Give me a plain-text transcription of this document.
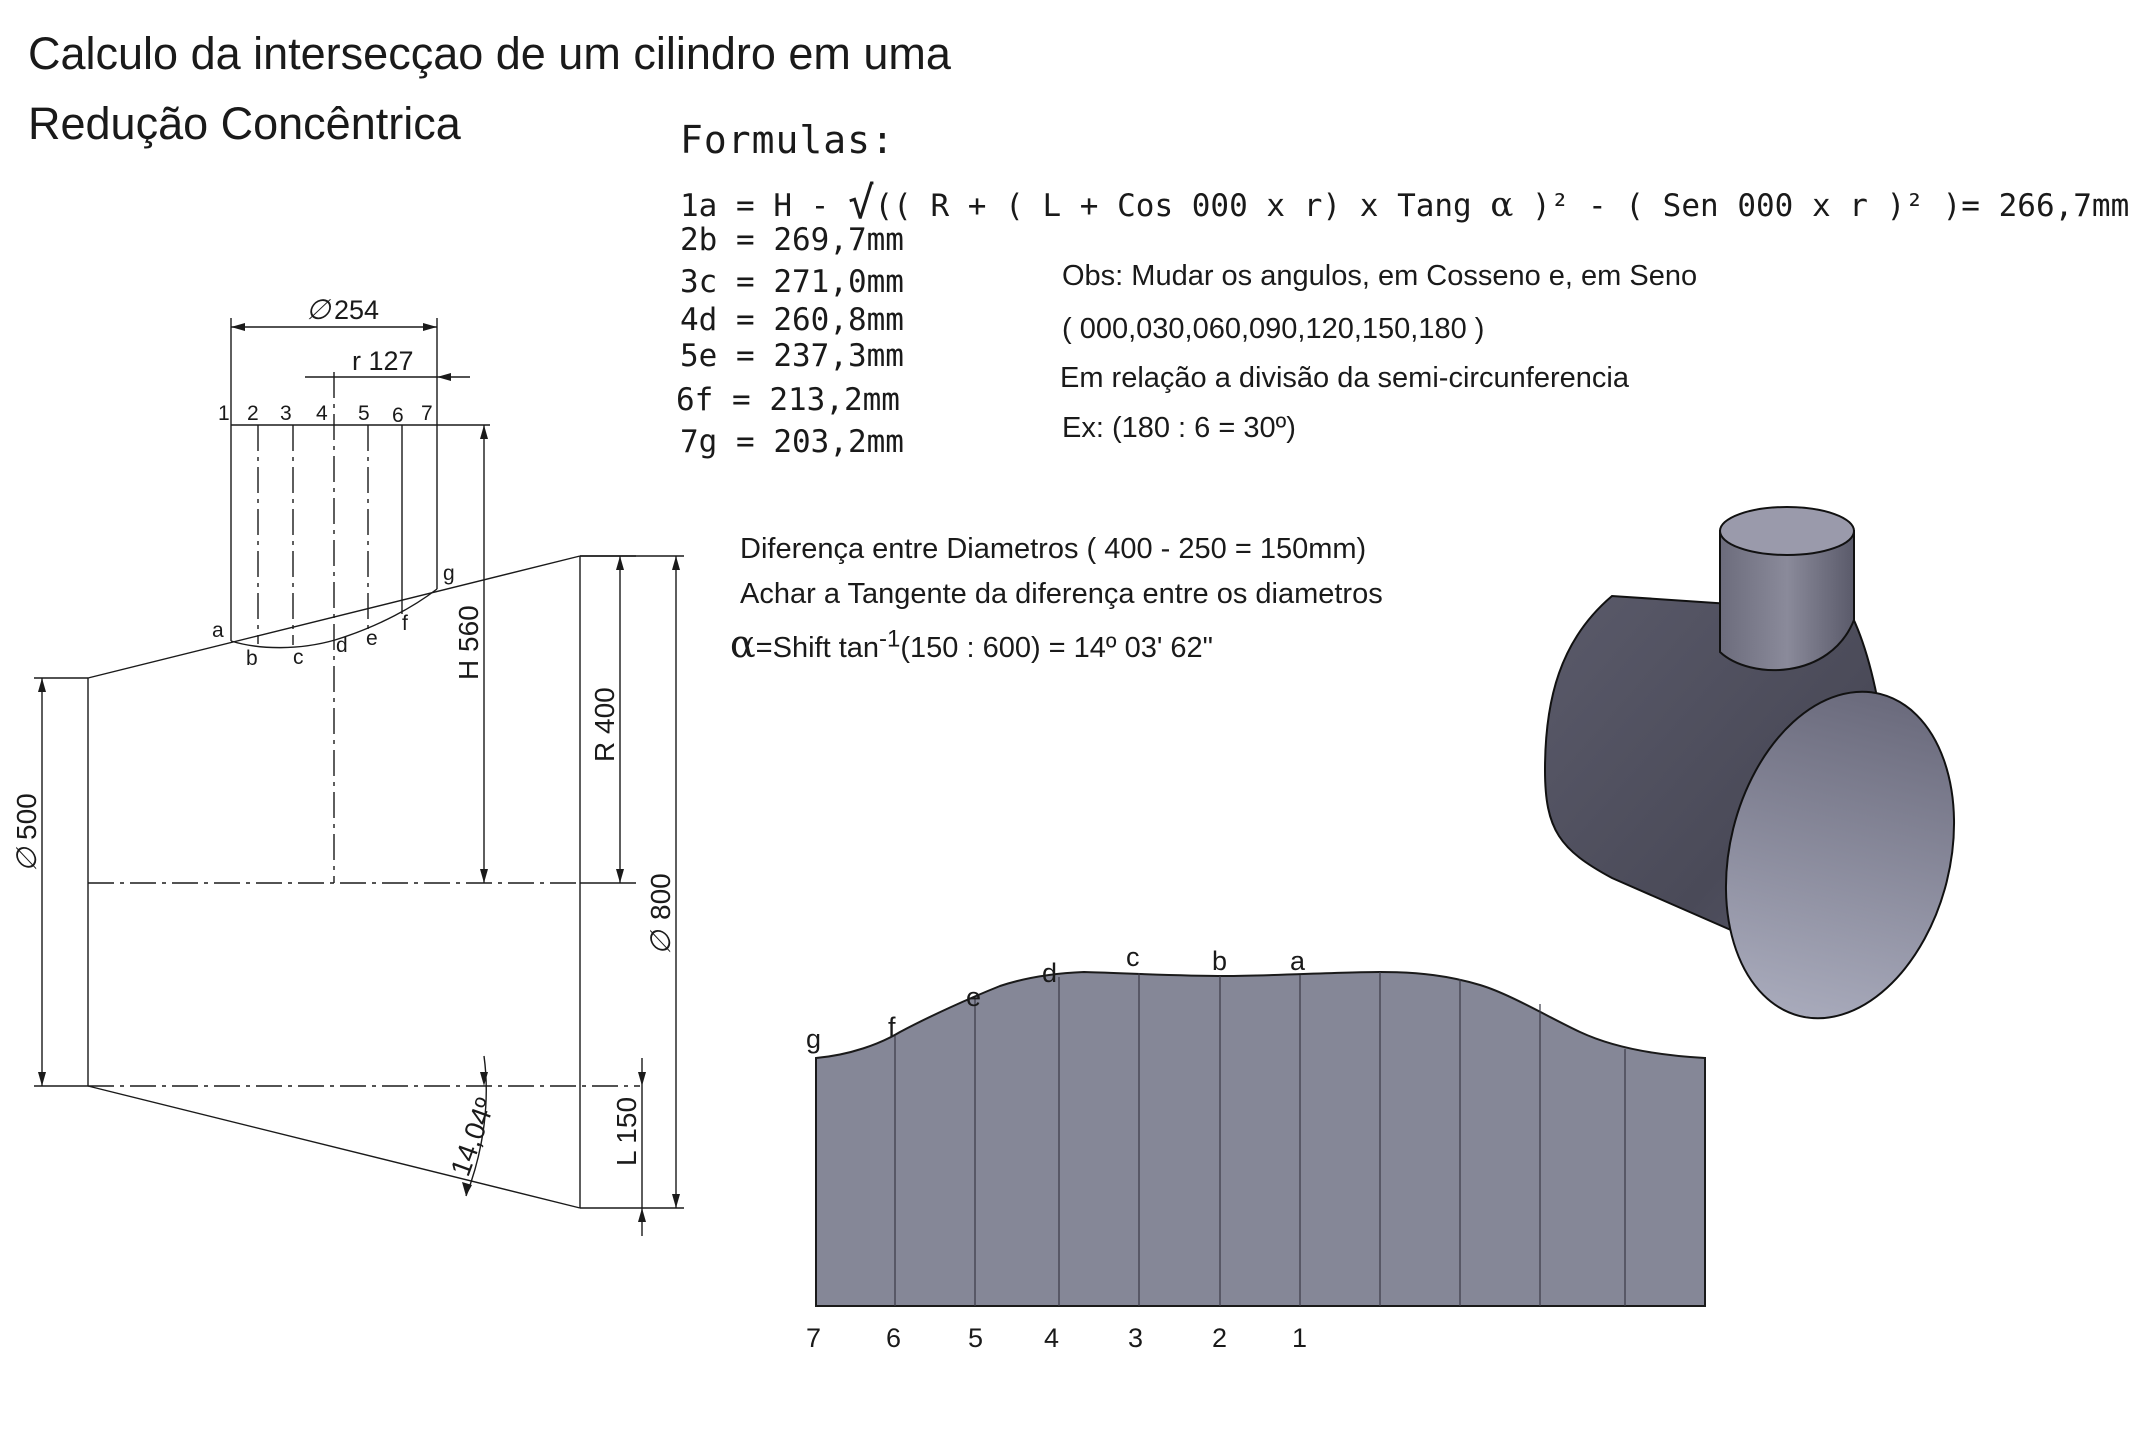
Calculo da intersecçao de um cilindro em uma
Redução Concêntrica	Formulas:
1a = H - √(( R + ( L + Cos 000 x r) x Tang α )² - ( Sen 000 x r )² )= 266,7mm
2b = 269,7mm
3c = 271,0mm
4d = 260,8mm
5e = 237,3mm
6f = 213,2mm
7g = 203,2mm
Obs: Mudar os angulos, em Cosseno e, em Seno
( 000,030,060,090,120,150,180 )
Em relação a divisão da semi-circunferencia
Ex: (180 : 6 = 30º)
Diferença entre Diametros ( 400 - 250 = 150mm)
Achar a Tangente da diferença entre os diametros
α=Shift $\tan^{-1}(150$ : 600) = 14º 03' 62"
1 2 3 4 5 6 7
a
b c
d e
f
g
∅ 254
r 127
H 560
R 400
800
∅
L 150
500
∅
14,04º
g f
e
d
c	b a
7 6 5 4	3	2 1
